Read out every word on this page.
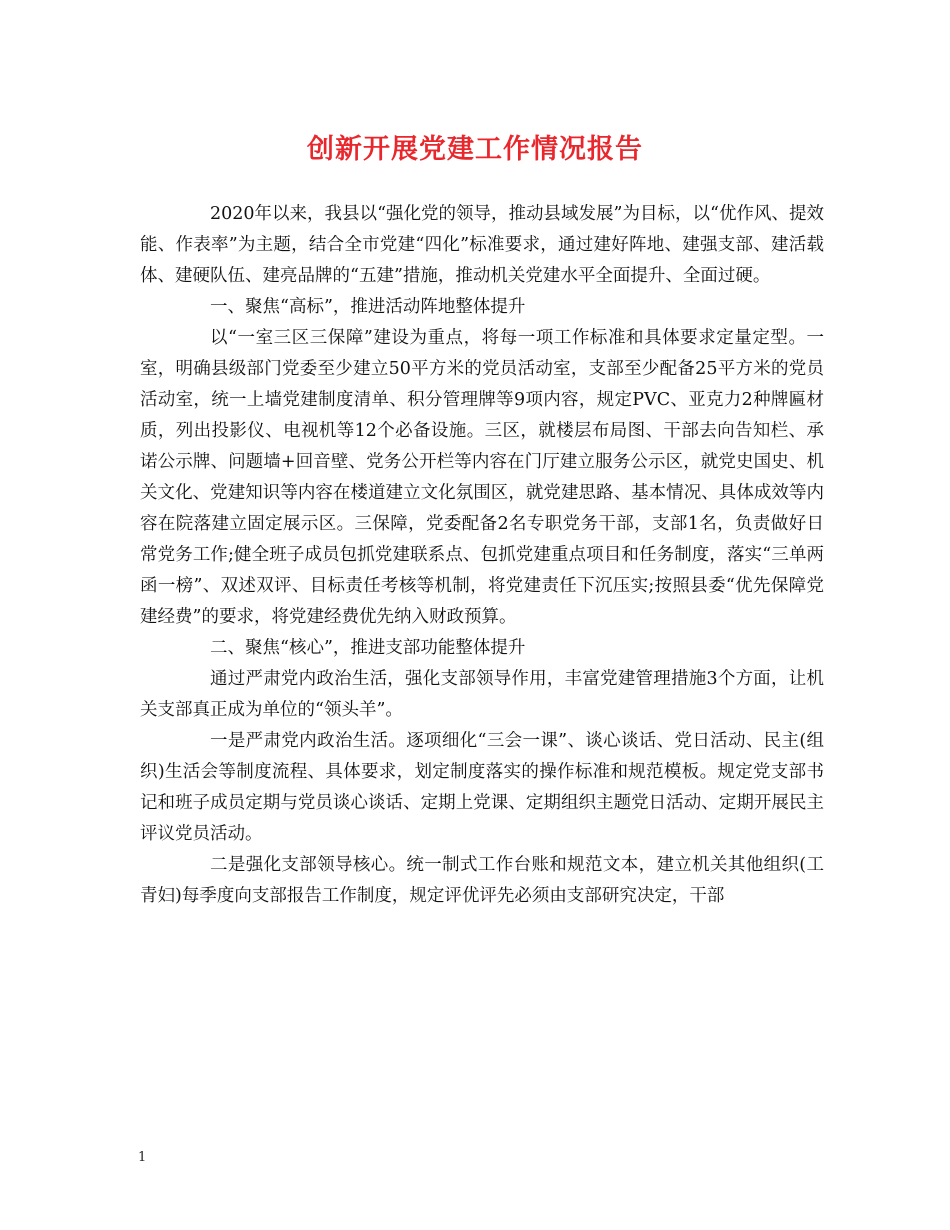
创新开展党建工作情况报告

2020年以来，我县以“强化党的领导，推动县域发展”为目标，以“优作风、提效能、作表率”为主题，结合全市党建“四化”标准要求，通过建好阵地、建强支部、建活载体、建硬队伍、建亮品牌的“五建”措施，推动机关党建水平全面提升、全面过硬。

一、聚焦“高标”，推进活动阵地整体提升

以“一室三区三保障”建设为重点，将每一项工作标准和具体要求定量定型。一室，明确县级部门党委至少建立50平方米的党员活动室，支部至少配备25平方米的党员活动室，统一上墙党建制度清单、积分管理牌等9项内容，规定PVC、亚克力2种牌匾材质，列出投影仪、电视机等12个必备设施。三区，就楼层布局图、干部去向告知栏、承诺公示牌、问题墙+回音壁、党务公开栏等内容在门厅建立服务公示区，就党史国史、机关文化、党建知识等内容在楼道建立文化氛围区，就党建思路、基本情况、具体成效等内容在院落建立固定展示区。三保障，党委配备2名专职党务干部，支部1名，负责做好日常党务工作;健全班子成员包抓党建联系点、包抓党建重点项目和任务制度，落实“三单两函一榜”、双述双评、目标责任考核等机制，将党建责任下沉压实;按照县委“优先保障党建经费”的要求，将党建经费优先纳入财政预算。

二、聚焦“核心”，推进支部功能整体提升

通过严肃党内政治生活，强化支部领导作用，丰富党建管理措施3个方面，让机关支部真正成为单位的“领头羊”。

一是严肃党内政治生活。逐项细化“三会一课”、谈心谈话、党日活动、民主(组织)生活会等制度流程、具体要求，划定制度落实的操作标准和规范模板。规定党支部书记和班子成员定期与党员谈心谈话、定期上党课、定期组织主题党日活动、定期开展民主评议党员活动。

二是强化支部领导核心。统一制式工作台账和规范文本，建立机关其他组织(工青妇)每季度向支部报告工作制度，规定评优评先必须由支部研究决定，干部

1
